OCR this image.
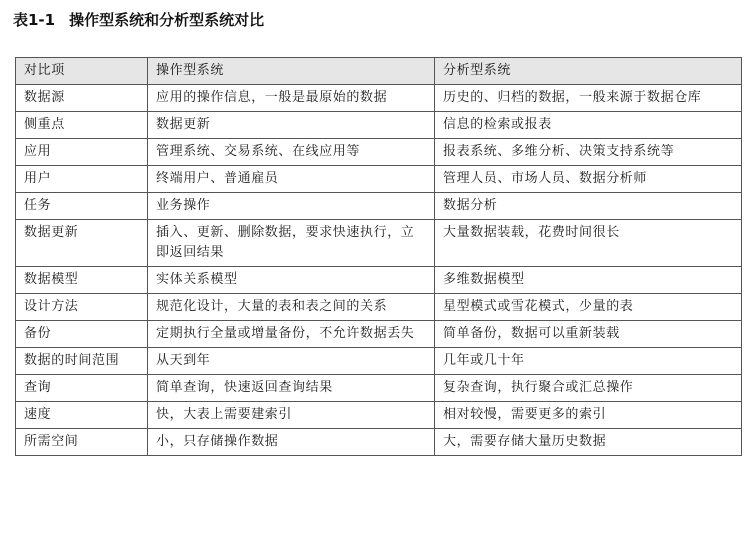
表1-1 操作型系统和分析型系统对比
对比项	操作型系统	分析型系统
数据源	应用的操作信息，一般是最原始的数据	历史的、归档的数据，一般来源于数据仓库
侧重点	数据更新	信息的检索或报表
应用	管理系统、交易系统、在线应用等	报表系统、多维分析、决策支持系统等
用户	终端用户、普通雇员	管理人员、市场人员、数据分析师
任务	业务操作	数据分析
数据更新	插入、更新、删除数据，要求快速执行，立即返回结果	大量数据装载，花费时间很长
数据模型	实体关系模型	多维数据模型
设计方法	规范化设计，大量的表和表之间的关系	星型模式或雪花模式，少量的表
备份	定期执行全量或增量备份，不允许数据丢失	简单备份，数据可以重新装载
数据的时间范围	从天到年	几年或几十年
查询	简单查询，快速返回查询结果	复杂查询，执行聚合或汇总操作
速度	快，大表上需要建索引	相对较慢，需要更多的索引
所需空间	小，只存储操作数据	大，需要存储大量历史数据
